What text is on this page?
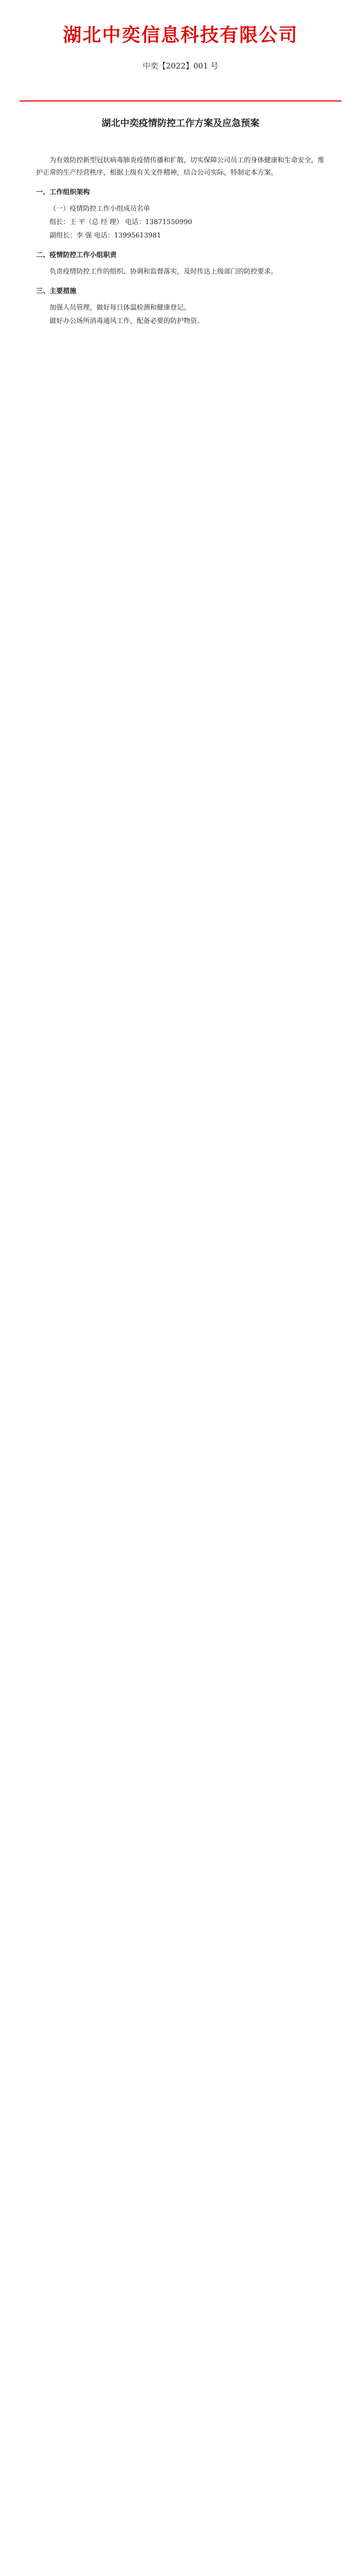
湖北中奕信息科技有限公司
中奕【2022】001 号
湖北中奕疫情防控工作方案及应急预案

为有效防控新型冠状病毒肺炎疫情传播和扩散，切实保障公司员工的身体健康和生命安全，维护正常的生产经营秩序，根据上级有关文件精神，结合公司实际，特制定本方案。

一、工作组织架构
（一）疫情防控工作小组成员名单
组长：王 平（总 经 理） 电话：13871550990
副组长：李 强 电话：13995613981
二、疫情防控工作小组职责
负责疫情防控工作的组织、协调和监督落实，及时传达上级部门的防控要求。
三、主要措施
加强人员管理，做好每日体温检测和健康登记。
做好办公场所消毒通风工作，配备必要的防护物资。
